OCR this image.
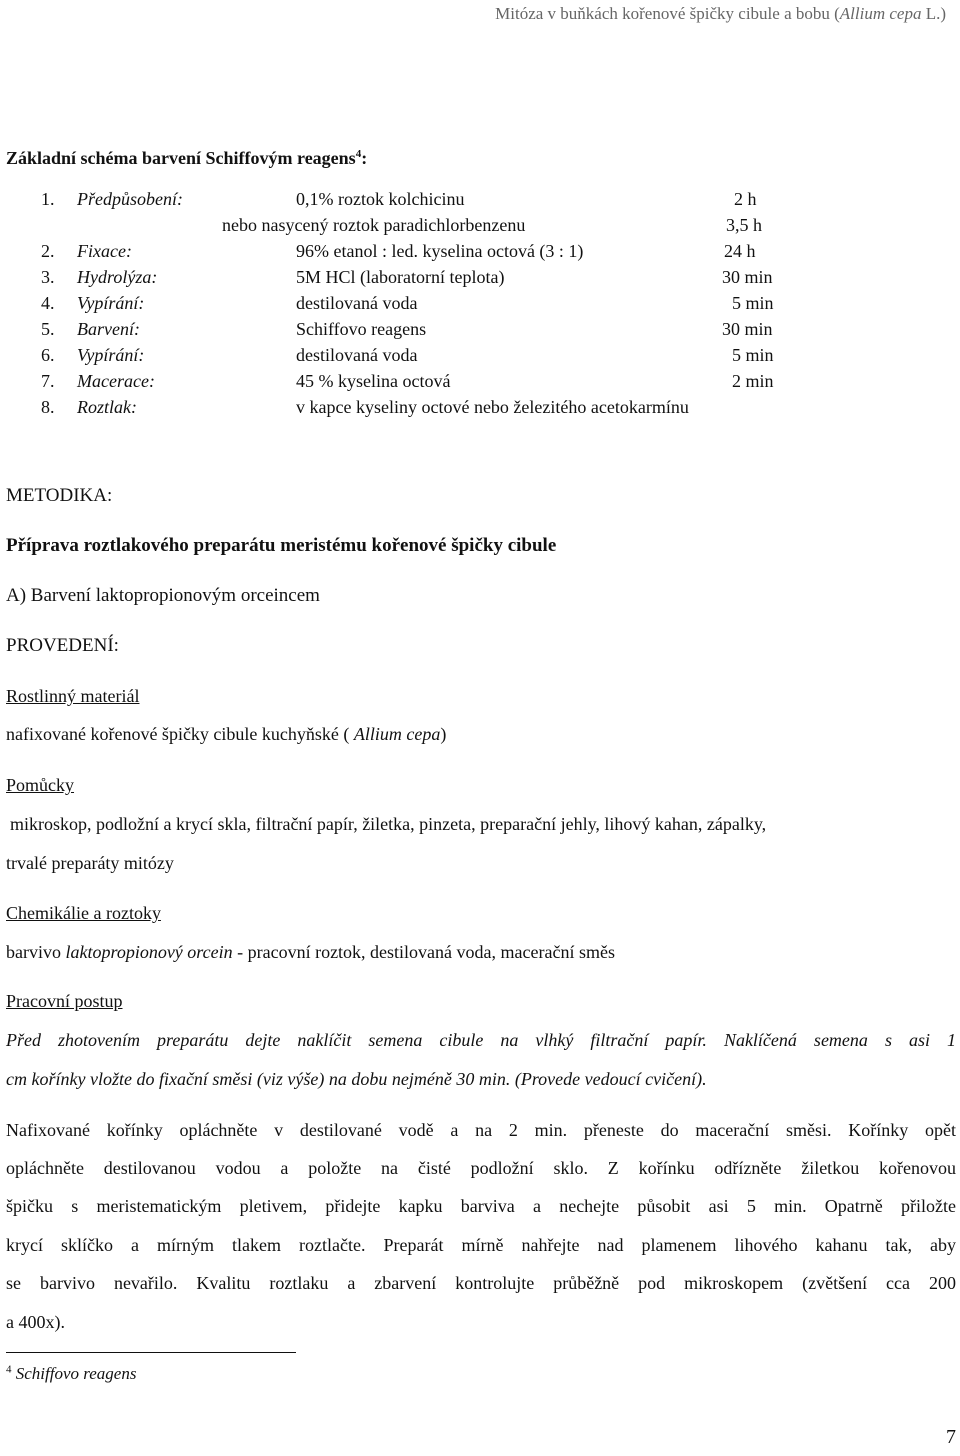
Mitóza v buňkách kořenové špičky cibule a bobu (Allium cepa L.)
Základní schéma barvení Schiffovým reagens$^4$:
1. Předpůsobení:	0,1% roztok kolchicinu	2 h
nebo nasycený roztok paradichlorbenzenu	3,5 h
2. Fixace:	96% etanol : led. kyselina octová (3 : 1)	24 h
3. Hydrolýza:	5M HCl (laboratorní teplota)	30 min
4. Vypírání:	destilovaná voda	5 min
5. Barvení:	Schiffovo reagens	30 min
6. Vypírání:	destilovaná voda	5 min
7. Macerace:	45 % kyselina octová	2 min
8. Roztlak:	v kapce kyseliny octové nebo železitého acetokarmínu
METODIKA:
Příprava roztlakového preparátu meristému kořenové špičky cibule
A) Barvení laktopropionovým orceincem
PROVEDENÍ:
Rostlinný materiál
nafixované kořenové špičky cibule kuchyňské ( Allium cepa)
Pomůcky
mikroskop, podložní a krycí skla, filtrační papír, žiletka, pinzeta, preparační jehly, lihový kahan, zápalky,
trvalé preparáty mitózy
Chemikálie a roztoky
barvivo laktopropionový orcein - pracovní roztok, destilovaná voda, macerační směs
Pracovní postup
Před zhotovením preparátu dejte naklíčit semena cibule na vlhký filtrační papír. Naklíčená semena s asi 1
cm kořínky vložte do fixační směsi (viz výše) na dobu nejméně 30 min. (Provede vedoucí cvičení).
Nafixované kořínky opláchněte v destilované vodě a na 2 min. přeneste do macerační směsi. Kořínky opět
opláchněte destilovanou vodou a položte na čisté podložní sklo. Z kořínku odřízněte žiletkou kořenovou
špičku s meristematickým pletivem, přidejte kapku barviva a nechejte působit asi 5 min. Opatrně přiložte
krycí sklíčko a mírným tlakem roztlačte. Preparát mírně nahřejte nad plamenem lihového kahanu tak, aby
se barvivo nevařilo. Kvalitu roztlaku a zbarvení kontrolujte průběžně pod mikroskopem (zvětšení cca 200
a 400x).
$^4$ Schiffovo reagens
7
